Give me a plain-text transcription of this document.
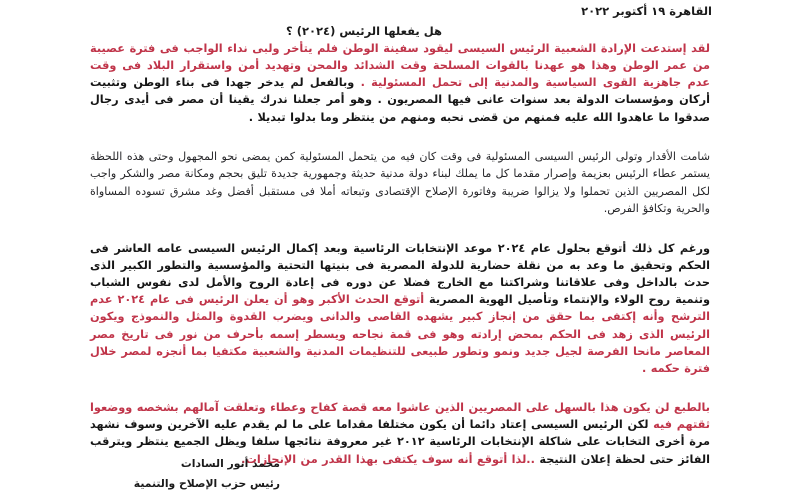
القاهرة ١٩ أكتوبر ٢٠٢٢
هل يفعلها الرئيس (٢٠٢٤) ؟

لقد إستدعت الإرادة الشعبية الرئيس السيسى ليقود سفينة الوطن فلم يتأخر ولبى نداء الواجب فى فترة عصيبة من عمر الوطن وهذا هو عهدنا بالقوات المسلحة وقت الشدائد والمحن وتهديد أمن واستقرار البلاد فى وقت عدم جاهزية القوى السياسية والمدنية إلى تحمل المسئولية . وبالفعل لم يدخر جهدا فى بناء الوطن وتثبيت أركان ومؤسسات الدولة بعد سنوات عانى فيها المصريون . وهو أمر جعلنا ندرك يقينا أن مصر فى أيدى رجال صدقوا ما عاهدوا الله عليه فمنهم من قضى نحبه ومنهم من ينتظر وما بدلوا تبديلا .

شامت الأقدار وتولى الرئيس السيسى المسئولية فى وقت كان فيه من يتحمل المسئولية كمن يمضى نحو المجهول وحتى هذه اللحظة يستمر عطاء الرئيس بعزيمة وإصرار مقدما كل ما يملك لبناء دولة مدنية حديثة وجمهورية جديدة تليق بحجم ومكانة مصر والشكر واجب لكل المصريين الذين تحملوا ولا يزالوا ضريبة وفاتورة الإصلاح الإقتصادى وتبعاته أملا فى مستقبل أفضل وغد مشرق تسوده المساواة والحرية وتكافؤ الفرص.

ورغم كل ذلك أتوقع بحلول عام ٢٠٢٤ موعد الإنتخابات الرئاسية وبعد إكمال الرئيس السيسى عامه العاشر فى الحكم وتحقيق ما وعد به من نقلة حضارية للدولة المصرية فى بنيتها التحتية والمؤسسية والتطور الكبير الذى حدث بالداخل وفى علاقاتنا وشراكتنا مع الخارج فضلا عن دوره فى إعادة الروح والأمل لدى نفوس الشباب وتنمية روح الولاء والإنتماء وتأصيل الهوية المصرية أتوقع الحدث الأكبر وهو أن يعلن الرئيس فى عام ٢٠٢٤ عدم الترشح وأنه إكتفى بما حقق من إنجاز كبير يشهده القاصى والدانى ويضرب القدوة والمثل والنموذج ويكون الرئيس الذى زهد فى الحكم بمحض إرادته وهو فى قمة نجاحه ويسطر إسمه بأحرف من نور فى تاريخ مصر المعاصر مانحا الفرصة لجيل جديد ونمو وتطور طبيعى للتنظيمات المدنية والشعبية مكتفيا بما أنجزه لمصر خلال فترة حكمه .

بالطبع لن يكون هذا بالسهل على المصريين الذين عاشوا معه قصة كفاح وعطاء وتعلقت آمالهم بشخصه ووضعوا ثقتهم فيه لكن الرئيس السيسى إعتاد دائما أن يكون مختلفا مقداما على ما لم يقدم عليه الآخرين وسوف نشهد مرة أخرى التخابات على شاكلة الإنتخابات الرئاسية ٢٠١٢ غير معروفة نتائجها سلفا ويظل الجميع ينتظر ويترقب الفائز حتى لحظة إعلان النتيجة ..لذا أتوقع أنه سوف يكتفى بهذا القدر من الإنجازات.

محمد أنور السادات
رئيس حزب الإصلاح والتنمية
